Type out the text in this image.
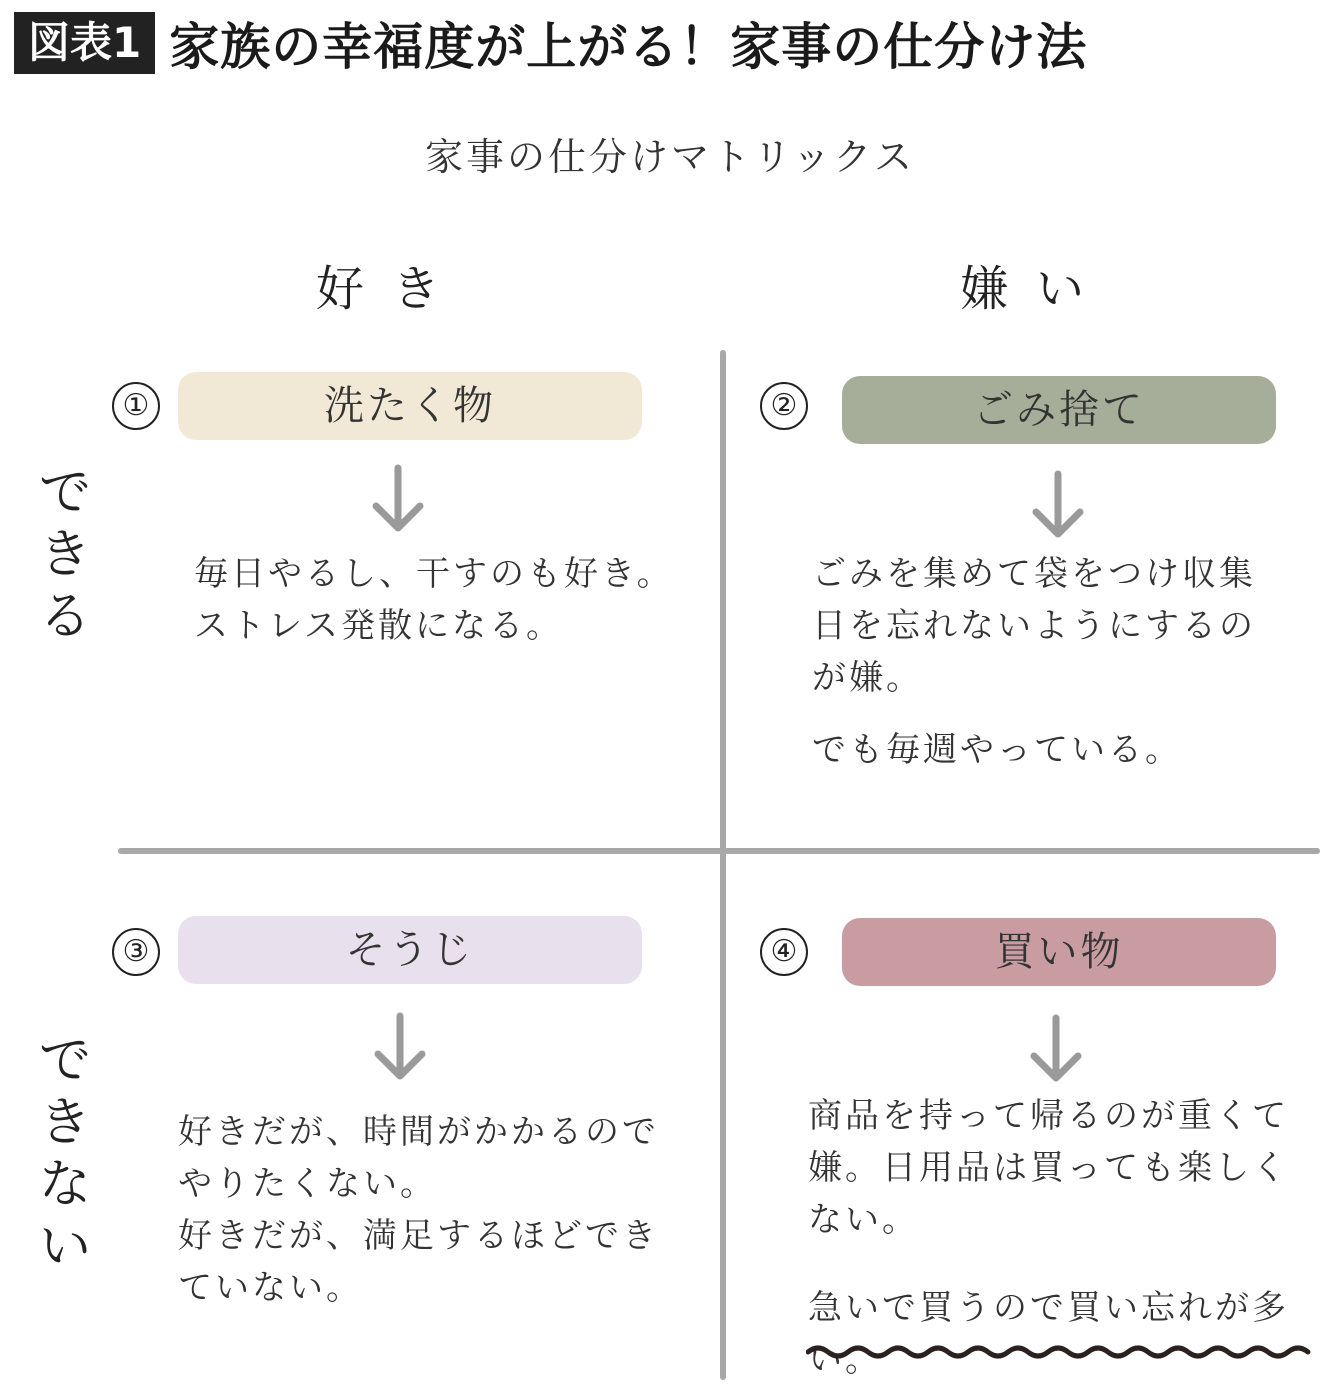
図表1 家族の幸福度が上がる！家事の仕分け法
家事の仕分けマトリックス
好き	嫌い
できる
できない
①	洗たく物

毎日やるし、干すのも好き。
ストレス発散になる。

②	ごみ捨て

ごみを集めて袋をつけ収集
日を忘れないようにするの
が嫌。

でも毎週やっている。

③	そうじ

好きだが、時間がかかるので
やりたくない。
好きだが、満足するほどでき
ていない。

④	買い物

商品を持って帰るのが重くて
嫌。日用品は買っても楽しく
ない。

急いで買うので買い忘れが多い。
